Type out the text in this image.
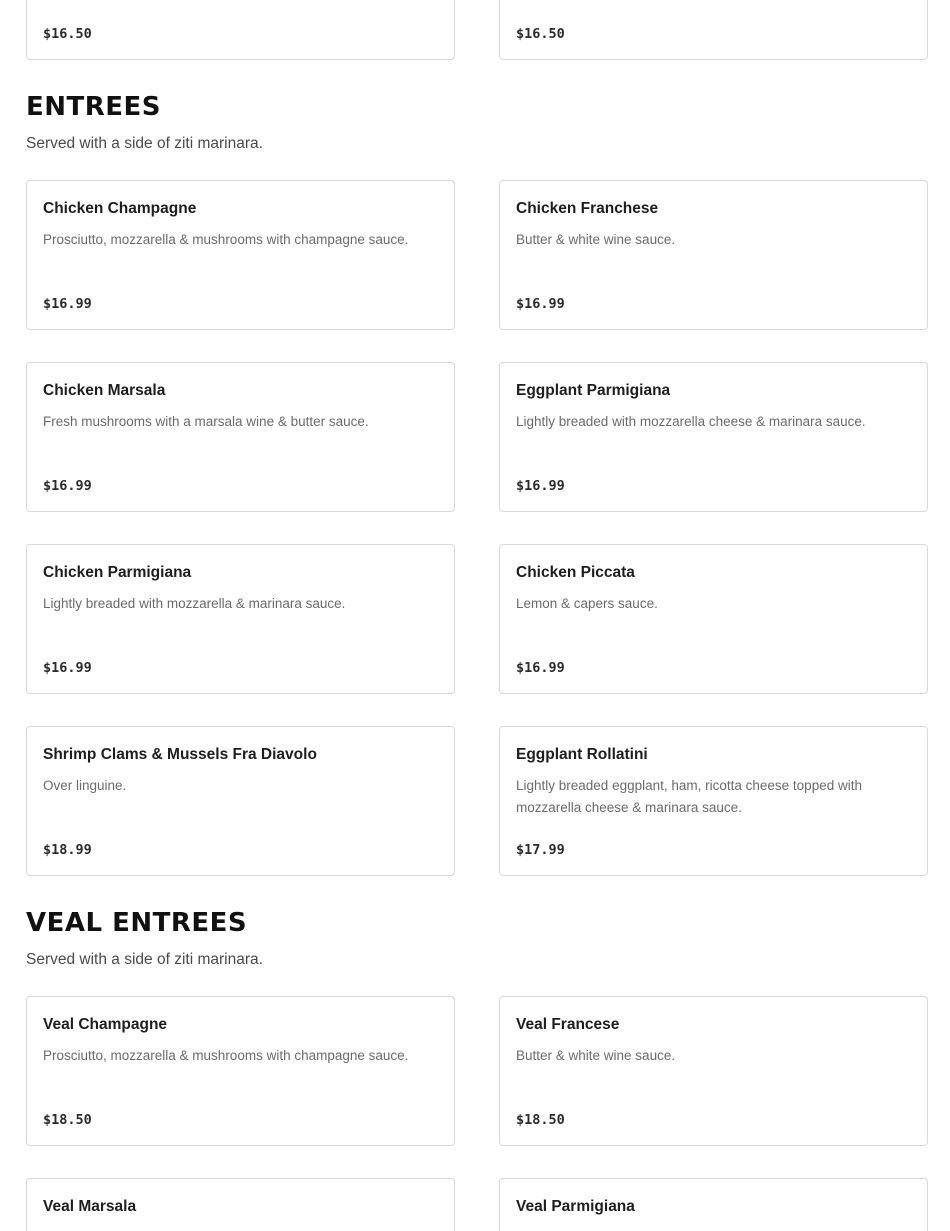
$16.50	$16.50
ENTREES

Served with a side of ziti marinara.

Chicken Champagne
Prosciutto, mozzarella & mushrooms with champagne sauce.
$16.99
Chicken Franchese
Butter & white wine sauce.
$16.99
Chicken Marsala
Fresh mushrooms with a marsala wine & butter sauce.
$16.99
Eggplant Parmigiana
Lightly breaded with mozzarella cheese & marinara sauce.
$16.99
Chicken Parmigiana
Lightly breaded with mozzarella & marinara sauce.
$16.99
Chicken Piccata
Lemon & capers sauce.
$16.99
Shrimp Clams & Mussels Fra Diavolo
Over linguine.
$18.99
Eggplant Rollatini
Lightly breaded eggplant, ham, ricotta cheese topped with mozzarella cheese & marinara sauce.
$17.99
VEAL ENTREES

Served with a side of ziti marinara.

Veal Champagne
Prosciutto, mozzarella & mushrooms with champagne sauce.
$18.50
Veal Francese
Butter & white wine sauce.
$18.50
Veal Marsala	Veal Parmigiana
